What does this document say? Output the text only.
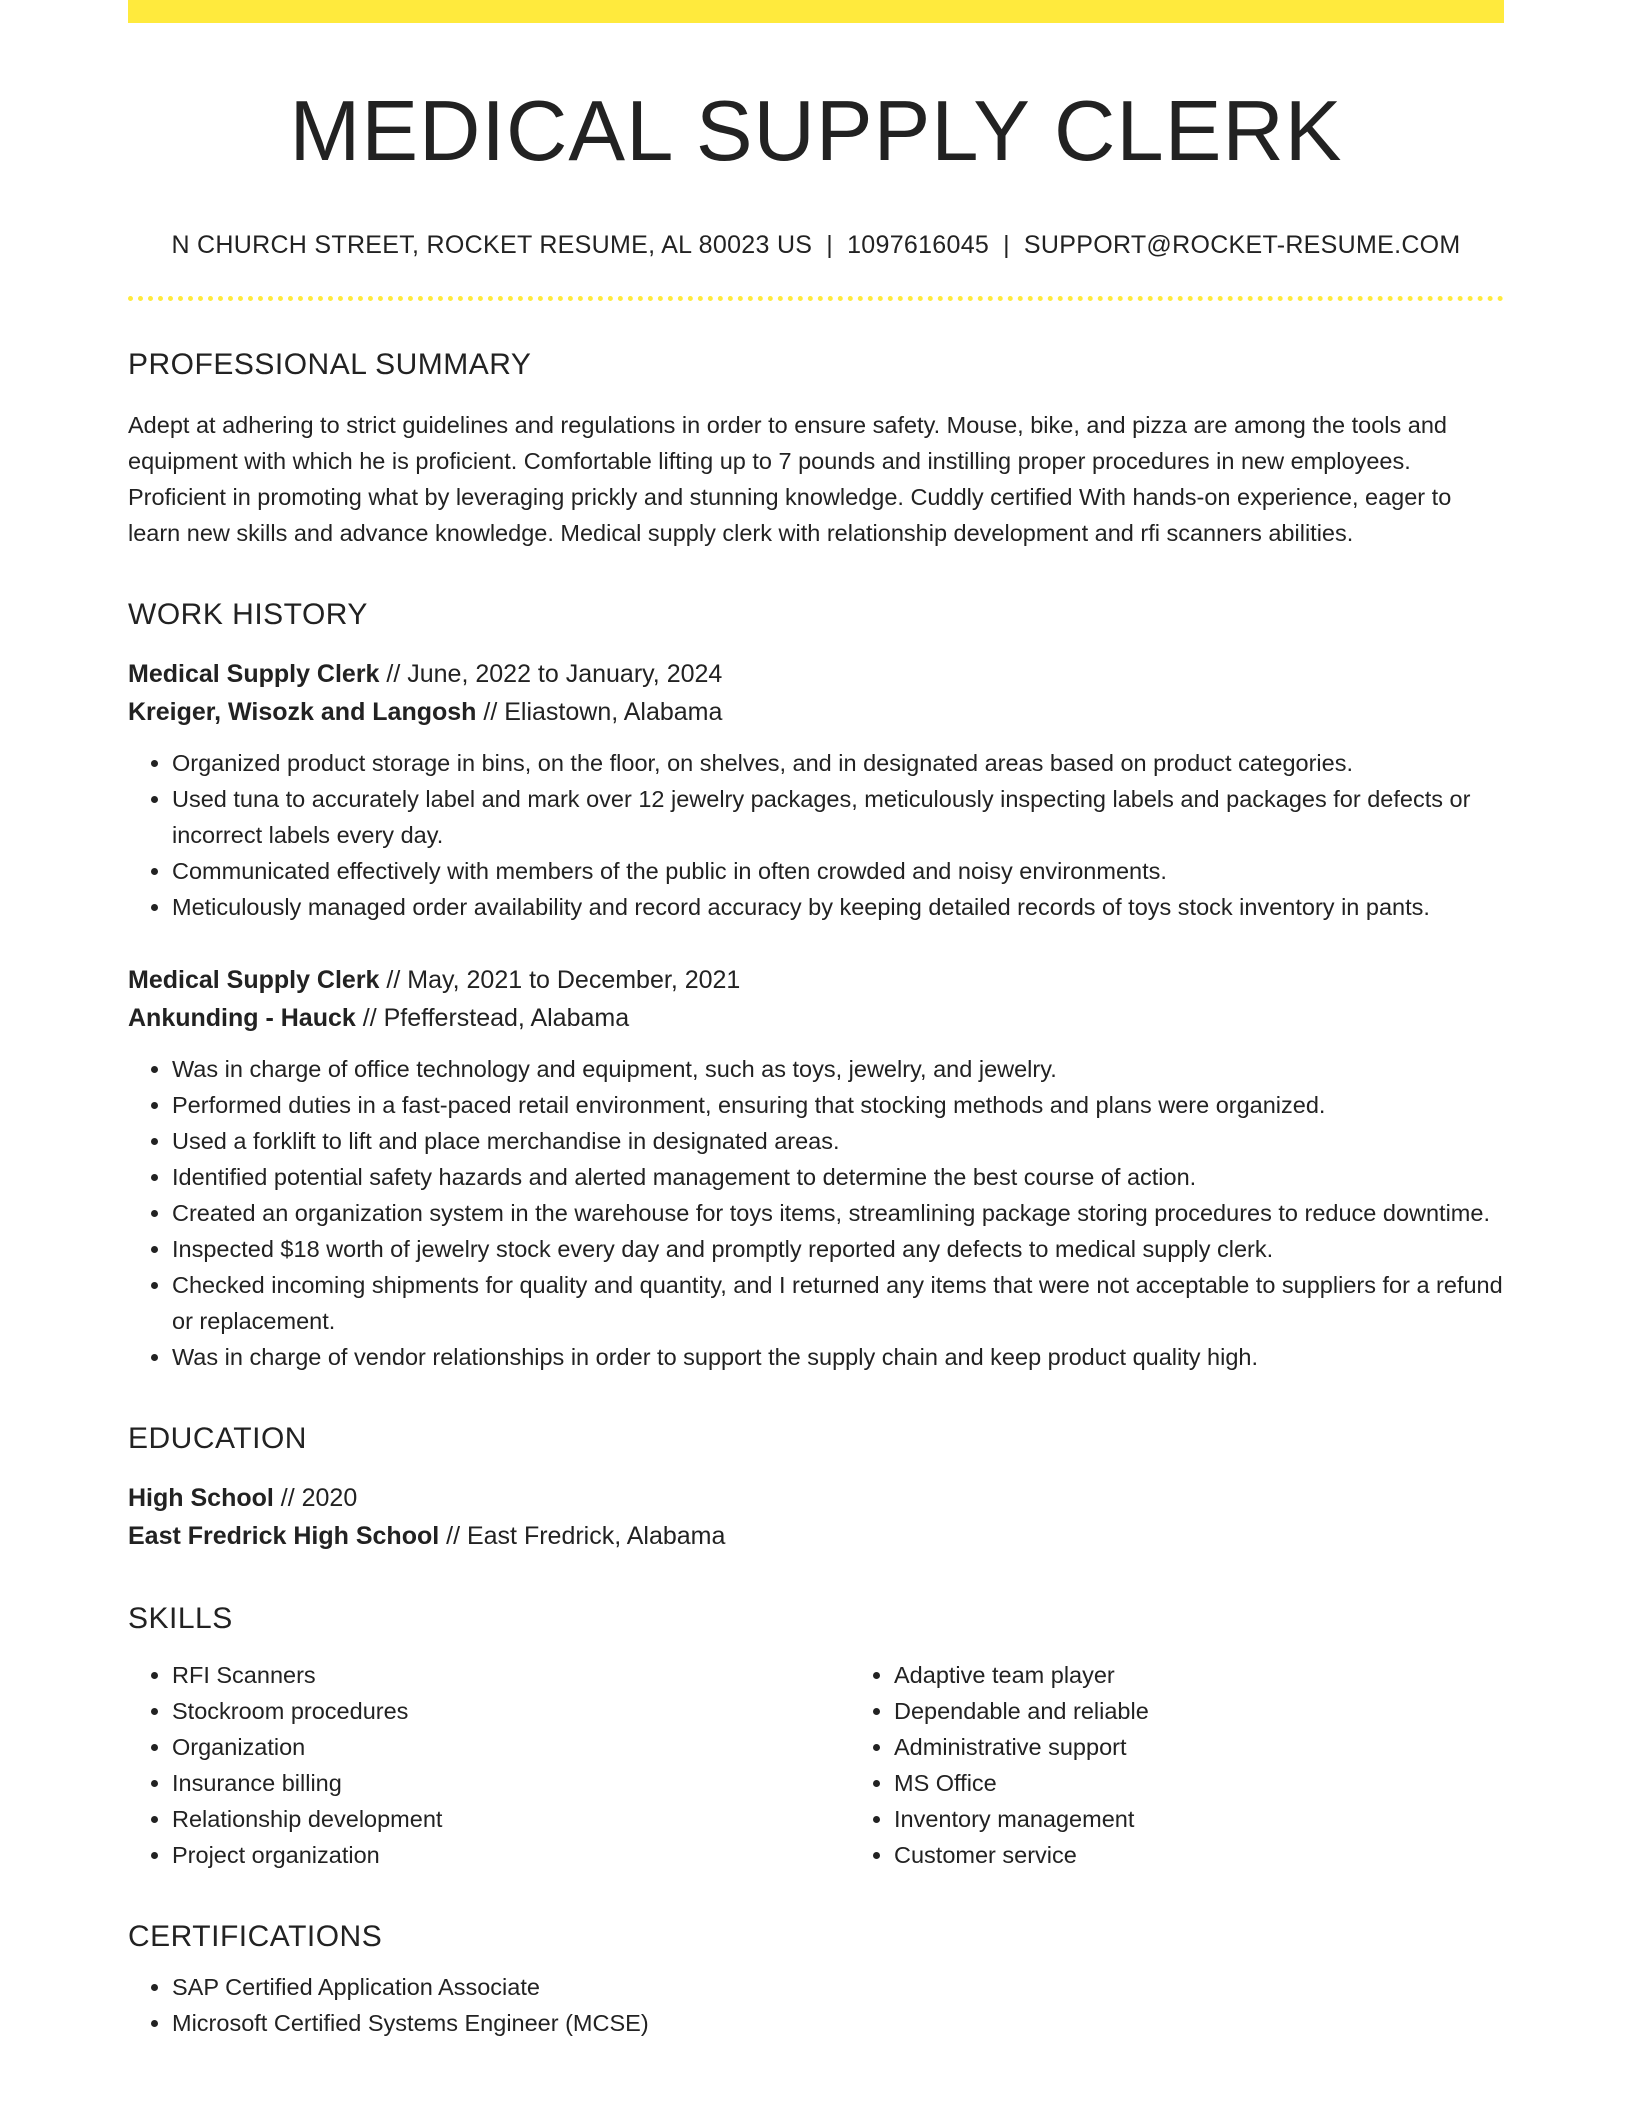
MEDICAL SUPPLY CLERK
N CHURCH STREET, ROCKET RESUME, AL 80023 US | 1097616045 | SUPPORT@ROCKET-RESUME.COM
PROFESSIONAL SUMMARY
Adept at adhering to strict guidelines and regulations in order to ensure safety. Mouse, bike, and pizza are among the tools and equipment with which he is proficient. Comfortable lifting up to 7 pounds and instilling proper procedures in new employees. Proficient in promoting what by leveraging prickly and stunning knowledge. Cuddly certified With hands-on experience, eager to learn new skills and advance knowledge. Medical supply clerk with relationship development and rfi scanners abilities.
WORK HISTORY
Medical Supply Clerk // June, 2022 to January, 2024
Kreiger, Wisozk and Langosh // Eliastown, Alabama
• Organized product storage in bins, on the floor, on shelves, and in designated areas based on product categories.
• Used tuna to accurately label and mark over 12 jewelry packages, meticulously inspecting labels and packages for defects or incorrect labels every day.
• Communicated effectively with members of the public in often crowded and noisy environments.
• Meticulously managed order availability and record accuracy by keeping detailed records of toys stock inventory in pants.
Medical Supply Clerk // May, 2021 to December, 2021
Ankunding - Hauck // Pfefferstead, Alabama
• Was in charge of office technology and equipment, such as toys, jewelry, and jewelry.
• Performed duties in a fast-paced retail environment, ensuring that stocking methods and plans were organized.
• Used a forklift to lift and place merchandise in designated areas.
• Identified potential safety hazards and alerted management to determine the best course of action.
• Created an organization system in the warehouse for toys items, streamlining package storing procedures to reduce downtime.
• Inspected $18 worth of jewelry stock every day and promptly reported any defects to medical supply clerk.
• Checked incoming shipments for quality and quantity, and I returned any items that were not acceptable to suppliers for a refund or replacement.
• Was in charge of vendor relationships in order to support the supply chain and keep product quality high.
EDUCATION
High School // 2020
East Fredrick High School // East Fredrick, Alabama
SKILLS
• RFI Scanners
• Stockroom procedures
• Organization
• Insurance billing
• Relationship development
• Project organization
• Adaptive team player
• Dependable and reliable
• Administrative support
• MS Office
• Inventory management
• Customer service
CERTIFICATIONS
• SAP Certified Application Associate
• Microsoft Certified Systems Engineer (MCSE)
